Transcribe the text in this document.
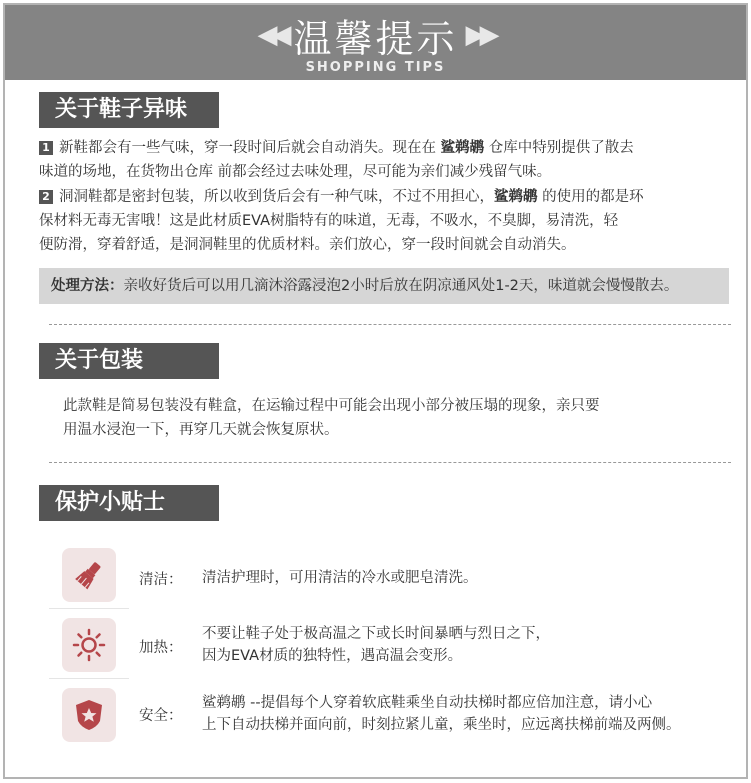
◀◀ 温馨提示 ▶▶
SHOPPING TIPS
关于鞋子异味
1 新鞋都会有一些气味，穿一段时间后就会自动消失。现在在 鲨鹈鹕 仓库中特别提供了散去
味道的场地，在货物出仓库 前都会经过去味处理，尽可能为亲们减少残留气味。
2 洞洞鞋都是密封包装，所以收到货后会有一种气味，不过不用担心，鲨鹈鹕 的使用的都是环
保材料无毒无害哦！这是此材质EVA树脂特有的味道，无毒，不吸水，不臭脚，易清洗，轻
便防滑，穿着舒适，是洞洞鞋里的优质材料。亲们放心，穿一段时间就会自动消失。
处理方法：亲收好货后可以用几滴沐浴露浸泡2小时后放在阴凉通风处1-2天，味道就会慢慢散去。
关于包装
此款鞋是简易包装没有鞋盒，在运输过程中可能会出现小部分被压塌的现象，亲只要
用温水浸泡一下，再穿几天就会恢复原状。
保护小贴士
清洁： 清洁护理时，可用清洁的冷水或肥皂清洗。
加热：
不要让鞋子处于极高温之下或长时间暴晒与烈日之下，
因为EVA材质的独特性，遇高温会变形。
安全：
鲨鹈鹕 --提倡每个人穿着软底鞋乘坐自动扶梯时都应倍加注意，请小心
上下自动扶梯并面向前，时刻拉紧儿童，乘坐时，应远离扶梯前端及两侧。
